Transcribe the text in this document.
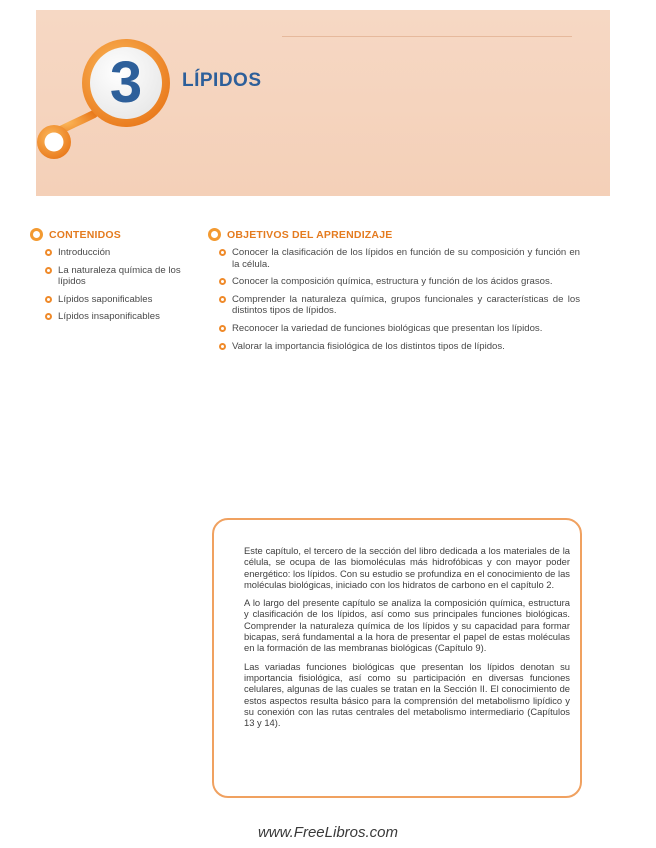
3	LÍPIDOS
CONTENIDOS
Introducción
La naturaleza química de los lípidos
Lípidos saponificables
Lípidos insaponificables
OBJETIVOS DEL APRENDIZAJE
Conocer la clasificación de los lípidos en función de su composición y función en la célula.
Conocer la composición química, estructura y función de los ácidos grasos.
Comprender la naturaleza química, grupos funcionales y características de los distintos tipos de lípidos.
Reconocer la variedad de funciones biológicas que presentan los lípidos.
Valorar la importancia fisiológica de los distintos tipos de lípidos.

Este capítulo, el tercero de la sección del libro dedicada a los materiales de la célula, se ocupa de las biomoléculas más hidrofóbicas y con mayor poder energético: los lípidos. Con su estudio se profundiza en el conocimiento de las moléculas biológicas, iniciado con los hidratos de carbono en el capítulo 2.

A lo largo del presente capítulo se analiza la composición química, estructura y clasificación de los lípidos, así como sus principales funciones biológicas. Comprender la naturaleza química de los lípidos y su capacidad para formar bicapas, será fundamental a la hora de presentar el papel de estas moléculas en la formación de las membranas biológicas (Capítulo 9).

Las variadas funciones biológicas que presentan los lípidos denotan su importancia fisiológica, así como su participación en diversas funciones celulares, algunas de las cuales se tratan en la Sección II. El conocimiento de estos aspectos resulta básico para la comprensión del metabolismo lipídico y su conexión con las rutas centrales del metabolismo intermediario (Capítulos 13 y 14).

www.FreeLibros.com
